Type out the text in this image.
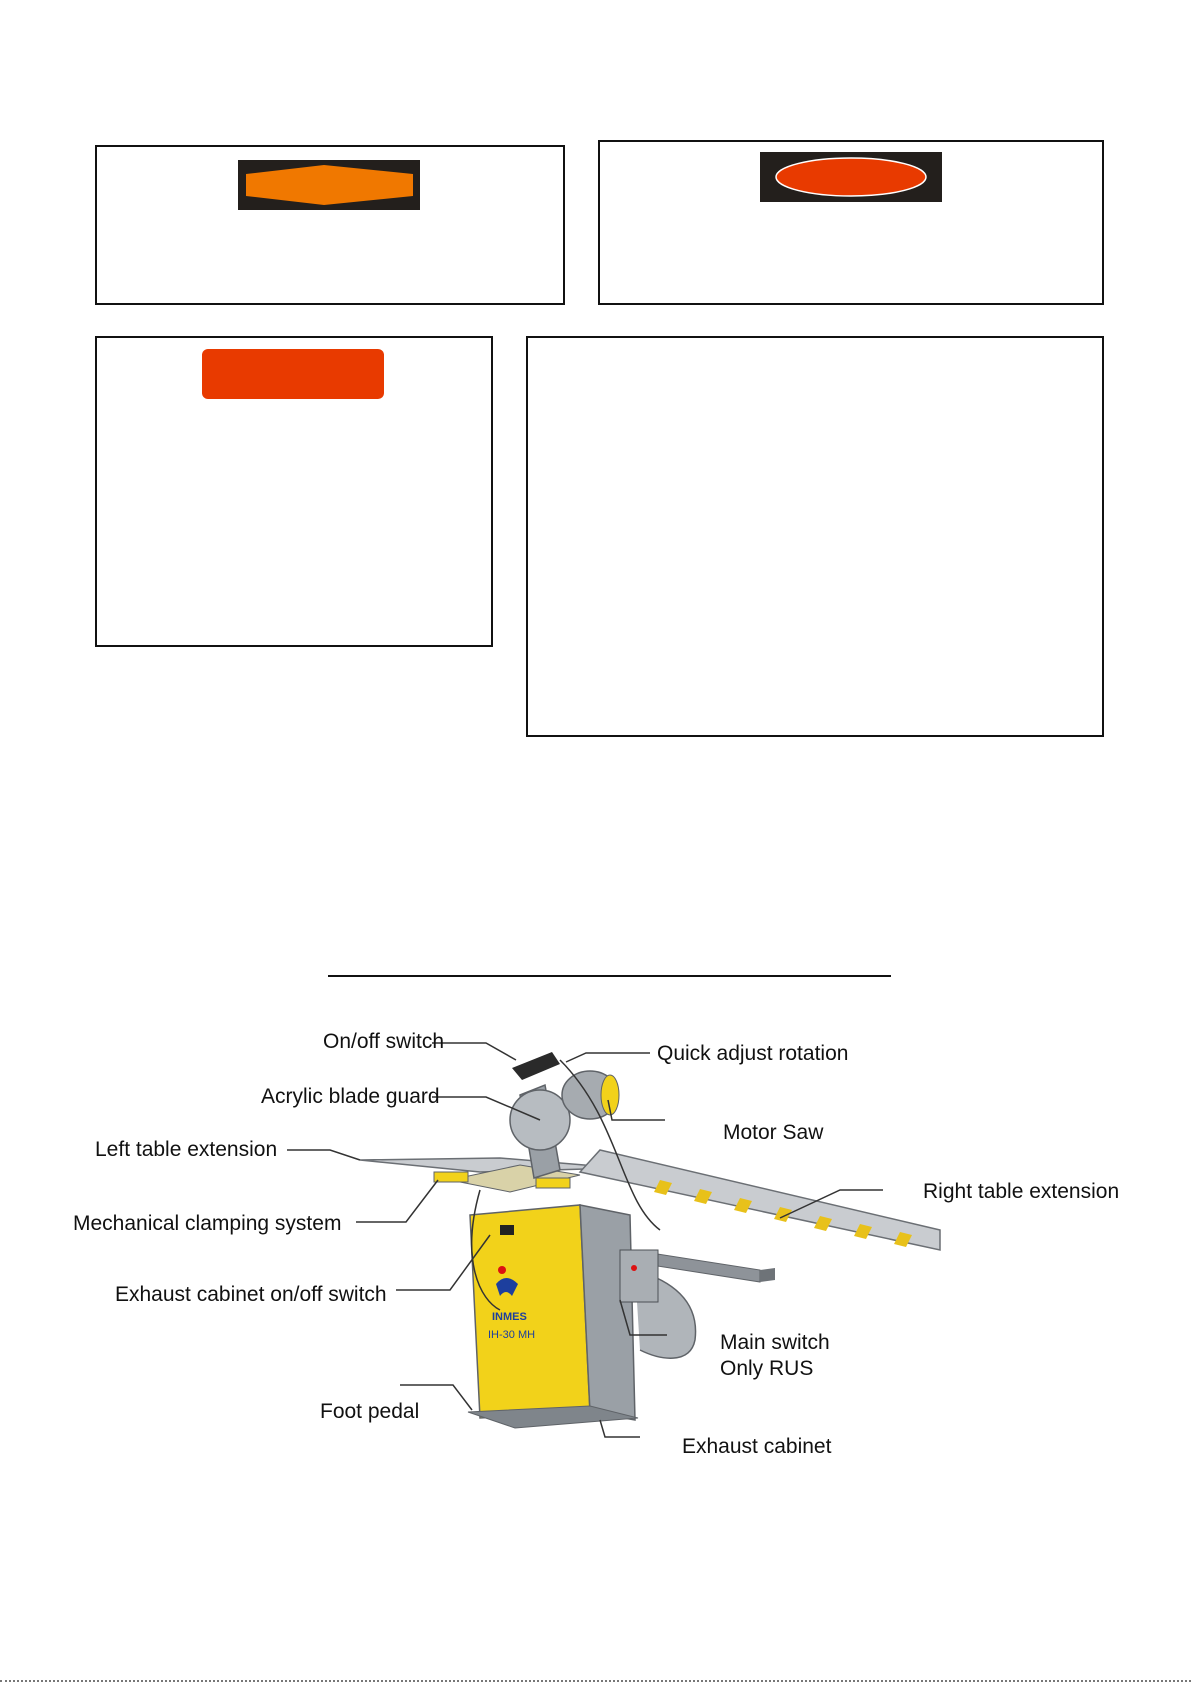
INMES
IH-30 MH
On/off switch
Quick adjust rotation
Acrylic blade guard
Motor Saw
Left table extension
Right table extension
Mechanical clamping system
Exhaust cabinet on/off switch
Main switch
Only RUS
Foot pedal
Exhaust cabinet
